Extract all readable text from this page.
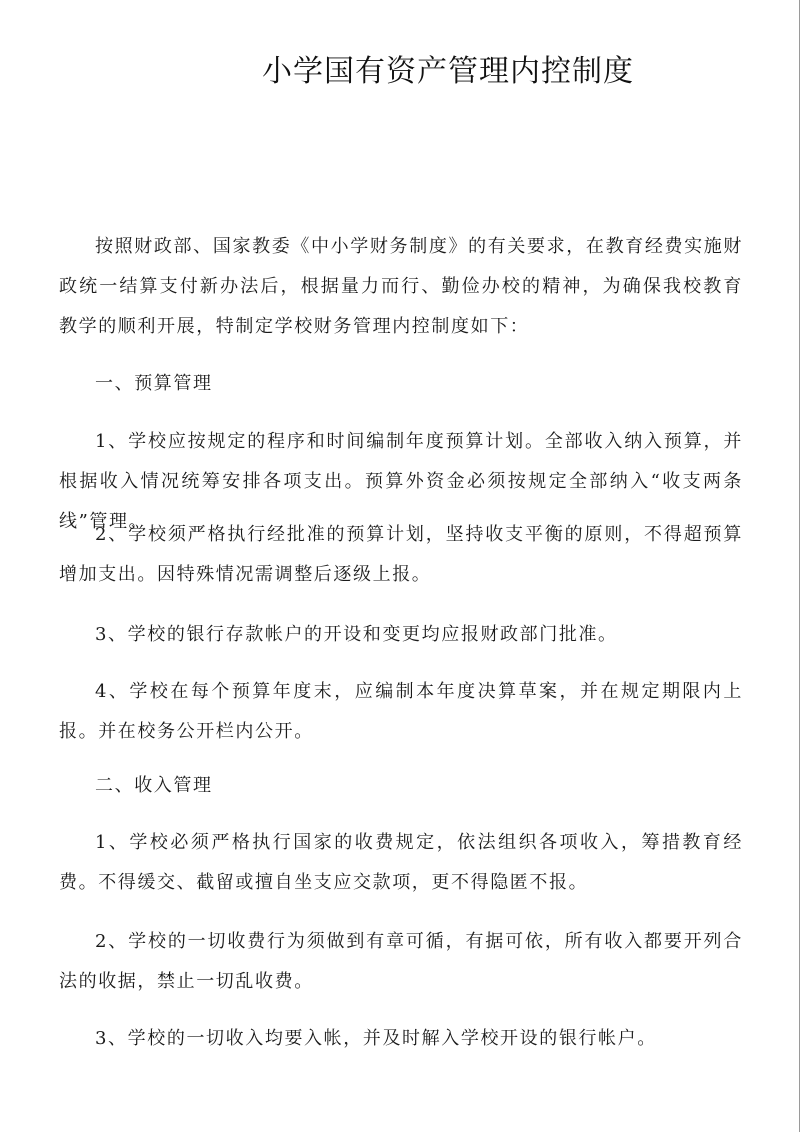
小学国有资产管理内控制度

按照财政部、国家教委《中小学财务制度》的有关要求，在教育经费实施财政统一结算支付新办法后，根据量力而行、勤俭办校的精神，为确保我校教育教学的顺利开展，特制定学校财务管理内控制度如下：

一、预算管理

1、学校应按规定的程序和时间编制年度预算计划。全部收入纳入预算，并根据收入情况统筹安排各项支出。预算外资金必须按规定全部纳入“收支两条线”管理。

2、学校须严格执行经批准的预算计划，坚持收支平衡的原则，不得超预算增加支出。因特殊情况需调整后逐级上报。

3、学校的银行存款帐户的开设和变更均应报财政部门批准。

4、学校在每个预算年度末，应编制本年度决算草案，并在规定期限内上报。并在校务公开栏内公开。

二、收入管理

1、学校必须严格执行国家的收费规定，依法组织各项收入，筹措教育经费。不得缓交、截留或擅自坐支应交款项，更不得隐匿不报。

2、学校的一切收费行为须做到有章可循，有据可依，所有收入都要开列合法的收据，禁止一切乱收费。

3、学校的一切收入均要入帐，并及时解入学校开设的银行帐户。
